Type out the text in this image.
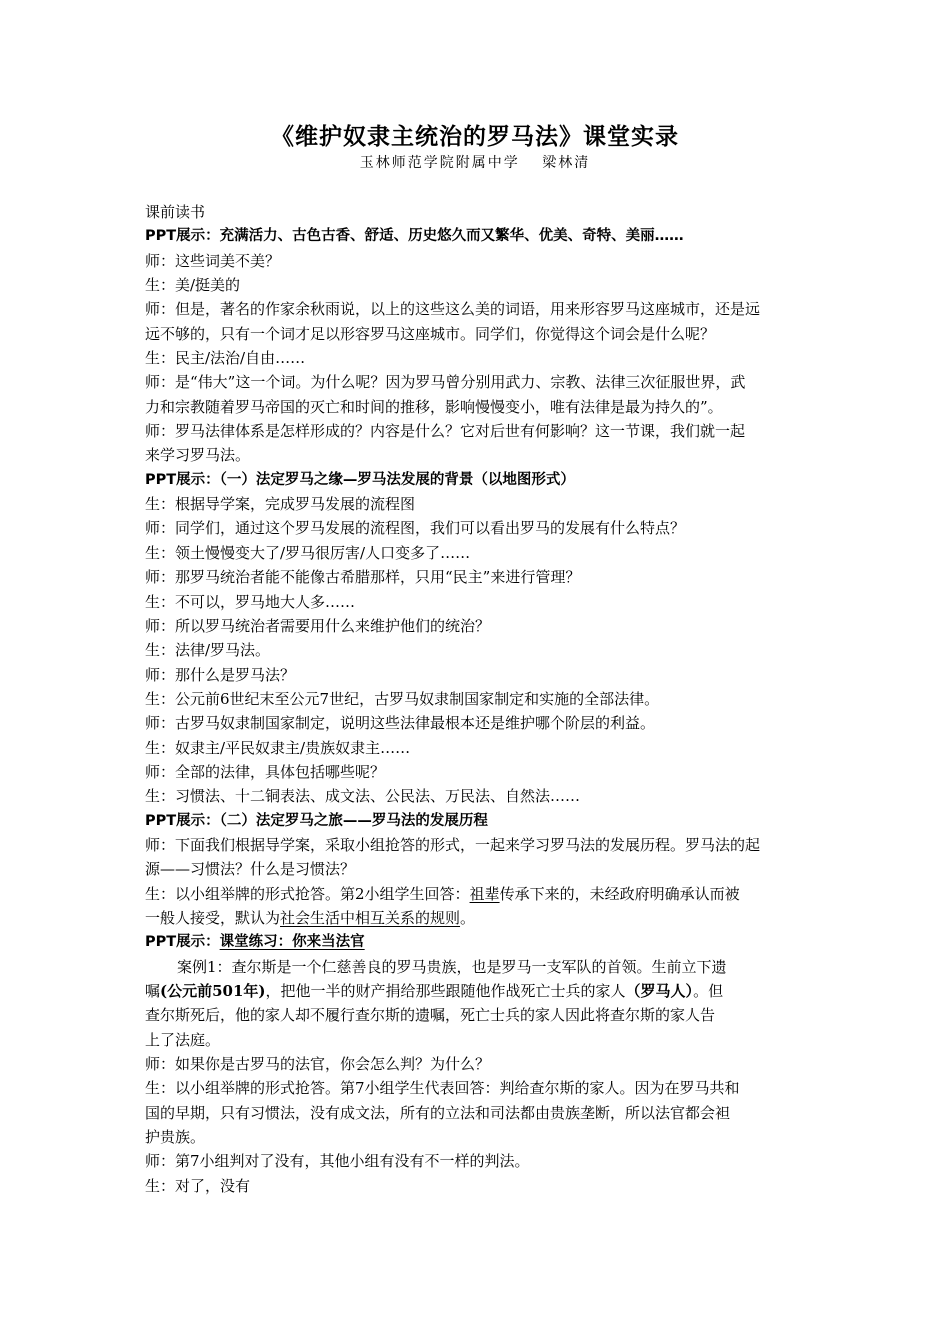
《维护奴隶主统治的罗马法》课堂实录
玉林师范学院附属中学　 梁林清
课前读书
PPT展示：充满活力、古色古香、舒适、历史悠久而又繁华、优美、奇特、美丽……
师：这些词美不美？
生：美/挺美的
师：但是，著名的作家余秋雨说，以上的这些这么美的词语，用来形容罗马这座城市，还是远
远不够的，只有一个词才足以形容罗马这座城市。同学们，你觉得这个词会是什么呢？
生：民主/法治/自由……
师：是“伟大”这一个词。为什么呢？因为罗马曾分别用武力、宗教、法律三次征服世界，武
力和宗教随着罗马帝国的灭亡和时间的推移，影响慢慢变小，唯有法律是最为持久的”。
师：罗马法律体系是怎样形成的？内容是什么？它对后世有何影响？这一节课，我们就一起
来学习罗马法。
PPT展示：（一）法定罗马之缘—罗马法发展的背景（以地图形式）
生：根据导学案，完成罗马发展的流程图
师：同学们，通过这个罗马发展的流程图，我们可以看出罗马的发展有什么特点？
生：领土慢慢变大了/罗马很厉害/人口变多了……
师：那罗马统治者能不能像古希腊那样，只用“民主”来进行管理？
生：不可以，罗马地大人多……
师：所以罗马统治者需要用什么来维护他们的统治？
生：法律/罗马法。
师：那什么是罗马法？
生：公元前6世纪末至公元7世纪，古罗马奴隶制国家制定和实施的全部法律。
师：古罗马奴隶制国家制定，说明这些法律最根本还是维护哪个阶层的利益。
生：奴隶主/平民奴隶主/贵族奴隶主……
师：全部的法律，具体包括哪些呢？
生：习惯法、十二铜表法、成文法、公民法、万民法、自然法……
PPT展示：（二）法定罗马之旅——罗马法的发展历程
师：下面我们根据导学案，采取小组抢答的形式，一起来学习罗马法的发展历程。罗马法的起
源——习惯法？什么是习惯法？
生：以小组举牌的形式抢答。第2小组学生回答：祖辈传承下来的，未经政府明确承认而被
一般人接受，默认为社会生活中相互关系的规则。
PPT展示：课堂练习：你来当法官
案例1：查尔斯是一个仁慈善良的罗马贵族，也是罗马一支军队的首领。生前立下遗
嘱(公元前501年)，把他一半的财产捐给那些跟随他作战死亡士兵的家人（罗马人）。但
查尔斯死后，他的家人却不履行查尔斯的遗嘱，死亡士兵的家人因此将查尔斯的家人告
上了法庭。
师：如果你是古罗马的法官，你会怎么判？为什么？
生：以小组举牌的形式抢答。第7小组学生代表回答：判给查尔斯的家人。因为在罗马共和
国的早期，只有习惯法，没有成文法，所有的立法和司法都由贵族垄断，所以法官都会袒
护贵族。
师：第7小组判对了没有，其他小组有没有不一样的判法。
生：对了，没有
